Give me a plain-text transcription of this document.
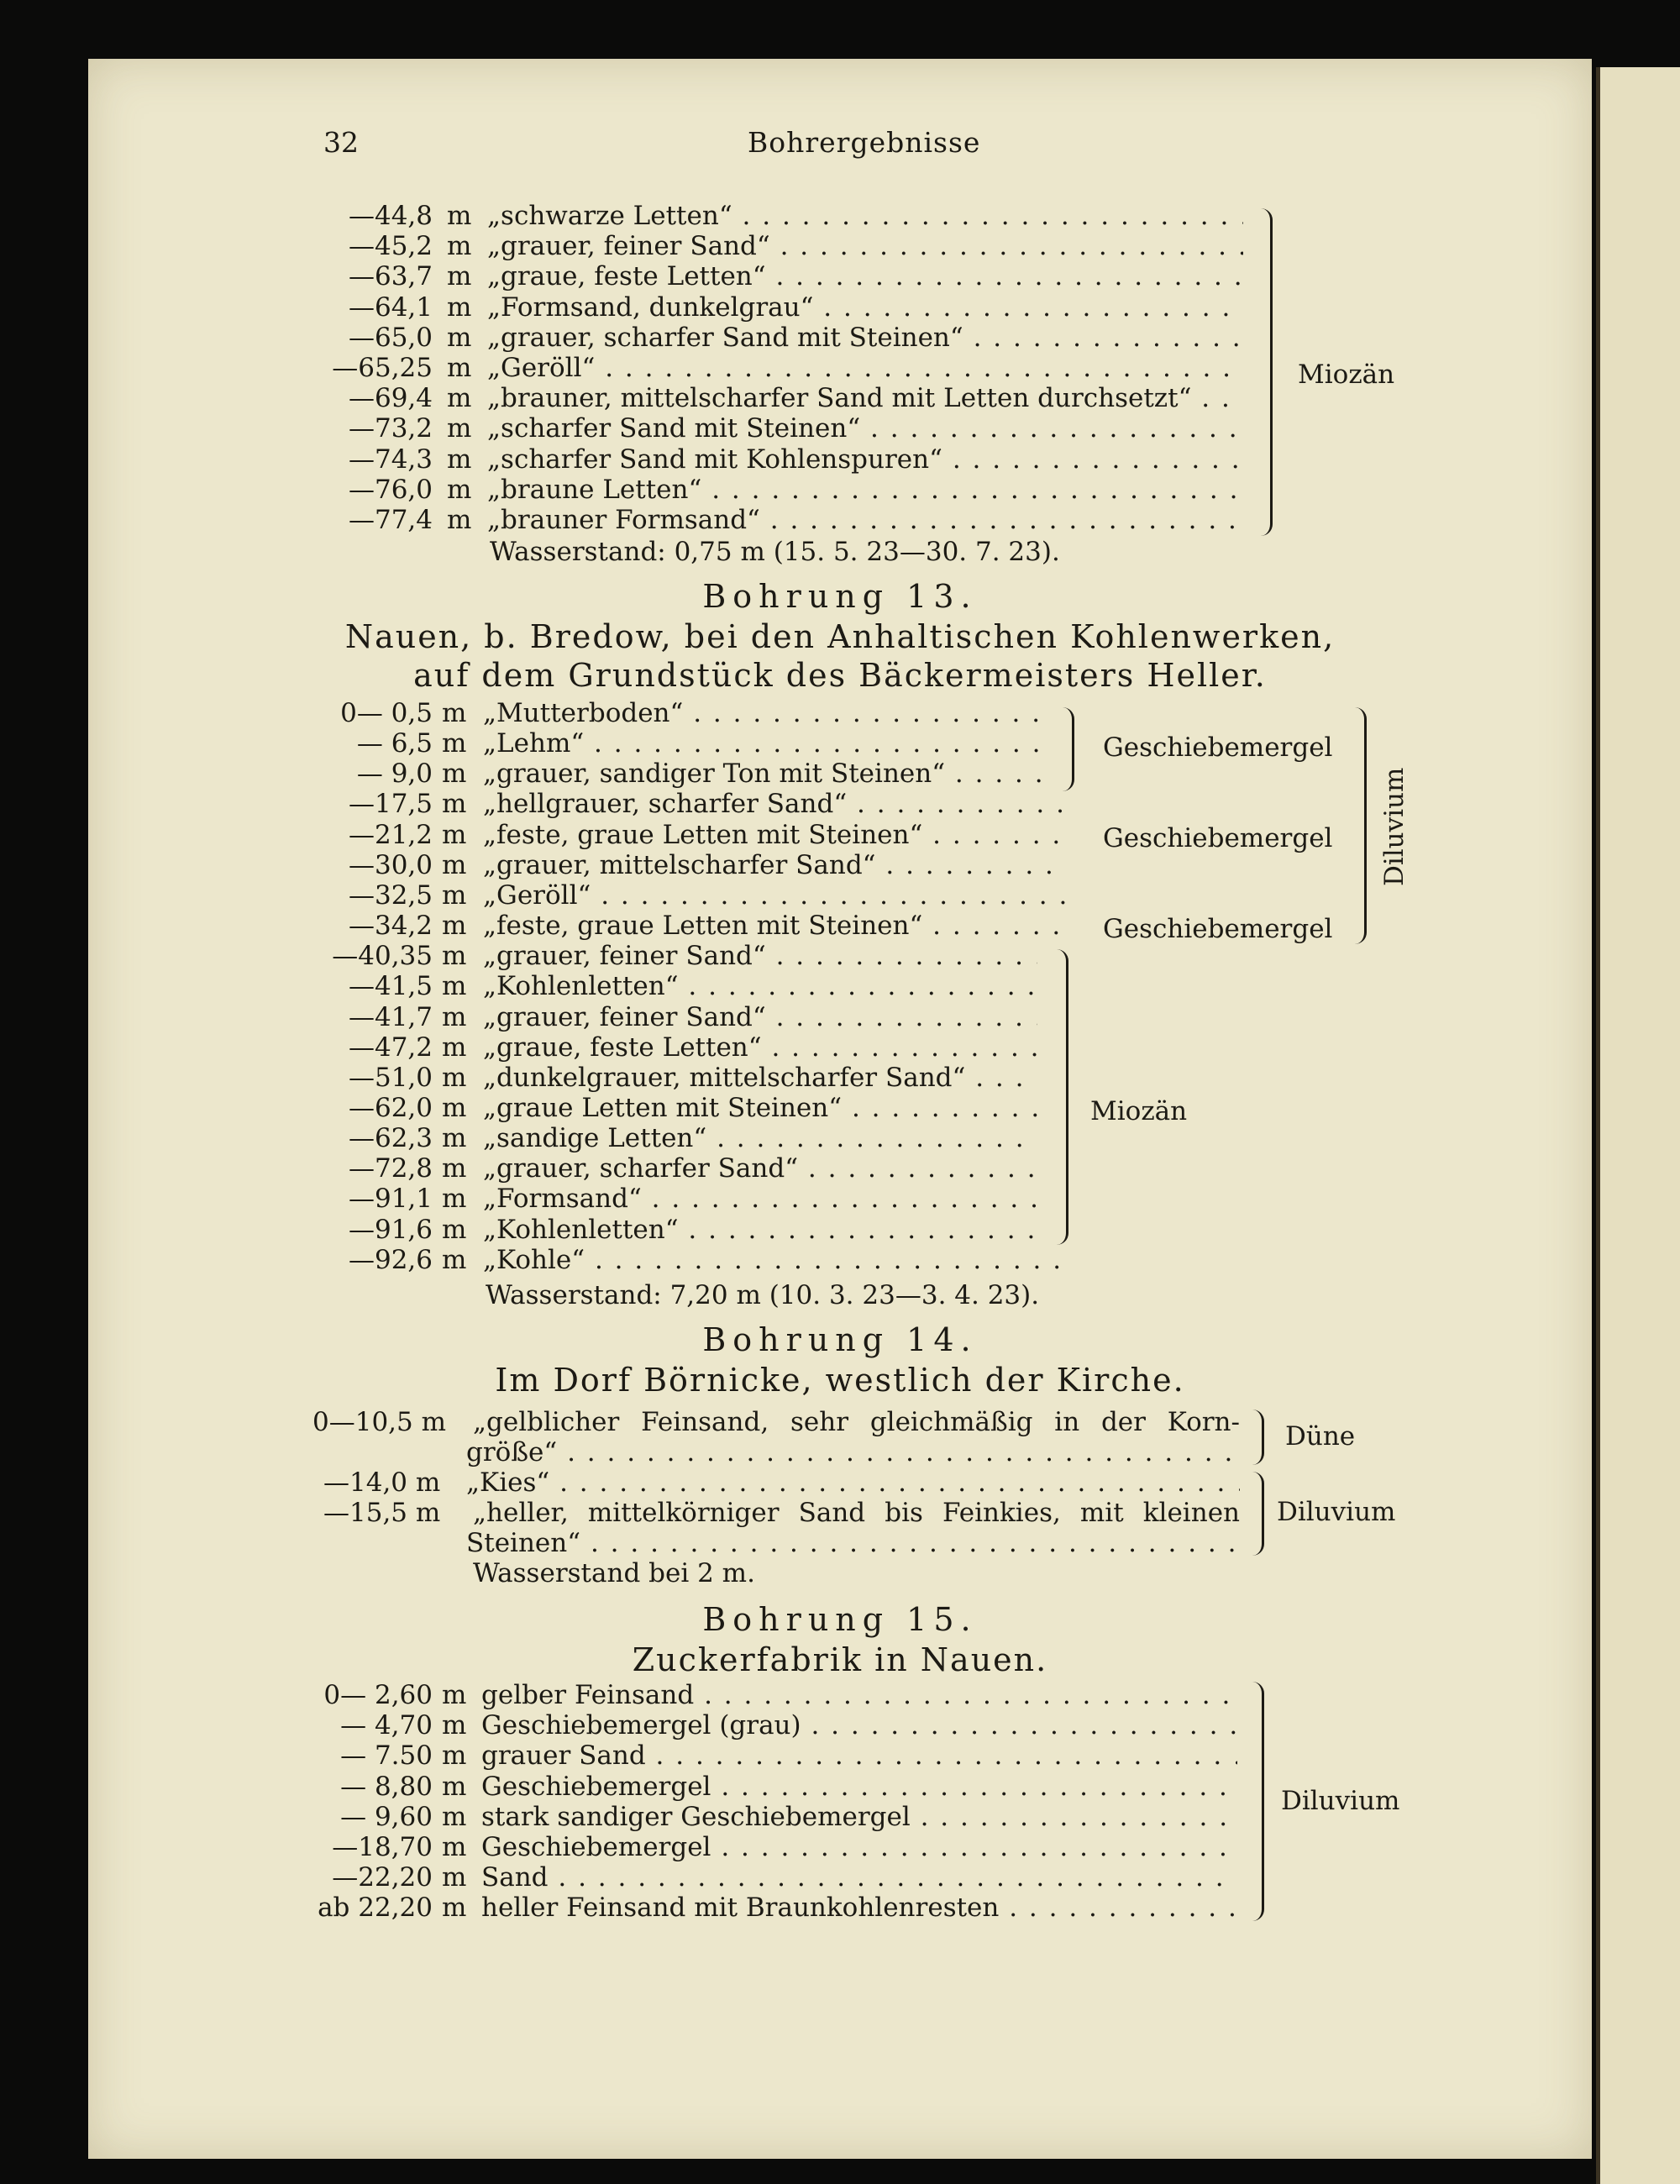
32	Bohrergebnisse
—44,8 m „schwarze Letten“ . . .
—45,2 m „grauer, feiner Sand“ . . .
—63,7 m „graue, feste Letten“ . . .
—64,1 m „Formsand, dunkelgrau“ . . .
—65,0 m „grauer, scharfer Sand mit Steinen“ . . .
—65,25 m „Geröll“ . . .
—69,4 m „brauner, mittelscharfer Sand mit Letten durchsetzt“ . . .
—73,2 m „scharfer Sand mit Steinen“ . . .
—74,3 m „scharfer Sand mit Kohlenspuren“ . . .
—76,0 m „braune Letten“ . . .
—77,4 m „brauner Formsand“ . . .
Miozän
Wasserstand: 0,75 m (15. 5. 23—30. 7. 23).
Bohrung 13.
Nauen, b. Bredow, bei den Anhaltischen Kohlenwerken,
auf dem Grundstück des Bäckermeisters Heller.
0— 0,5 m „Mutterboden“ . . .
— 6,5 m „Lehm“ . . .
— 9,0 m „grauer, sandiger Ton mit Steinen“ . . .
—17,5 m „hellgrauer, scharfer Sand“ . . .
—21,2 m „feste, graue Letten mit Steinen“ . . .
—30,0 m „grauer, mittelscharfer Sand“ . . .
—32,5 m „Geröll“ . . .
—34,2 m „feste, graue Letten mit Steinen“ . . .
—40,35 m „grauer, feiner Sand“ . . .
—41,5 m „Kohlenletten“ . . .
—41,7 m „grauer, feiner Sand“ . . .
—47,2 m „graue, feste Letten“ . . .
—51,0 m „dunkelgrauer, mittelscharfer Sand“ . . .
—62,0 m „graue Letten mit Steinen“ . . .
—62,3 m „sandige Letten“ . . .
—72,8 m „grauer, scharfer Sand“ . . .
—91,1 m „Formsand“ . . .
—91,6 m „Kohlenletten“ . . .
—92,6 m „Kohle“ . . .
Geschiebemergel
Geschiebemergel
Geschiebemergel
Diluvium
Miozän
Wasserstand: 7,20 m (10. 3. 23—3. 4. 23).
Bohrung 14.
Im Dorf Börnicke, westlich der Kirche.
0—10,5 m „gelblicher Feinsand, sehr gleichmäßig in der Korn-
größe“ . . .
—14,0 m „Kies“ . . .
—15,5 m „heller, mittelkörniger Sand bis Feinkies, mit kleinen
Steinen“ . . .
Düne
Diluvium
Wasserstand bei 2 m.
Bohrung 15.
Zuckerfabrik in Nauen.
0— 2,60 m gelber Feinsand . . .
— 4,70 m Geschiebemergel (grau) . . .
— 7.50 m grauer Sand . . .
— 8,80 m Geschiebemergel . . .
— 9,60 m stark sandiger Geschiebemergel . . .
—18,70 m Geschiebemergel . . .
—22,20 m Sand . . .
ab 22,20 m heller Feinsand mit Braunkohlenresten . . .
Diluvium
